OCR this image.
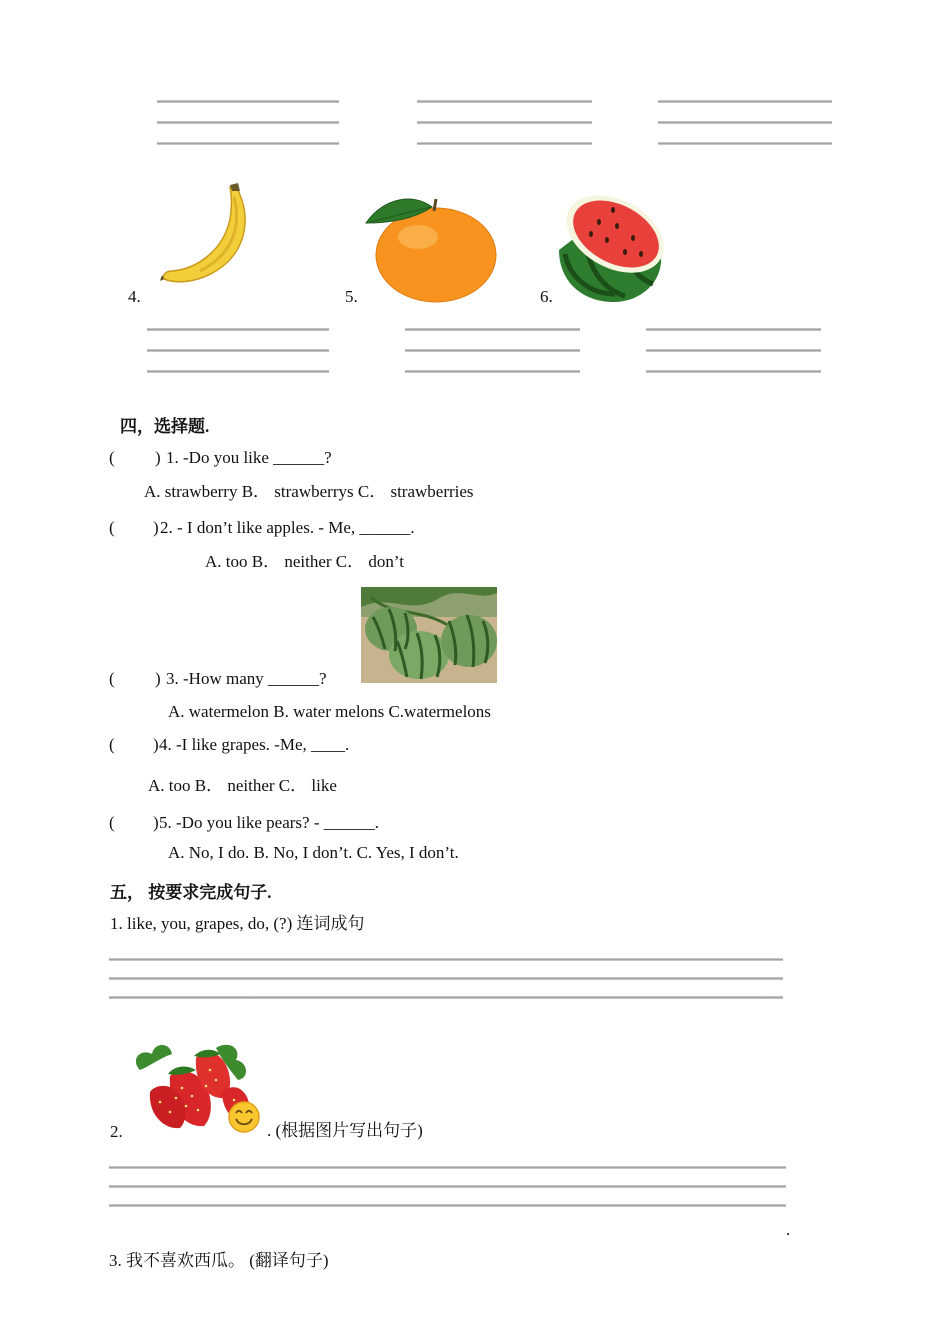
4.	5.	6.
四，选择题.
( ) 1. -Do you like ______?
A. strawberry B． strawberrys C． strawberries
( ) 2. - I don’t like apples. - Me, ______.
A. too B． neither C． don’t
( ) 3. -How many ______?
A. watermelon B. water melons C.watermelons
( ) 4. -I like grapes. -Me, ____.
A. too B． neither C． like
( ) 5. -Do you like pears? - ______.
A. No, I do. B. No, I don’t. C. Yes, I don’t.
五， 按要求完成句子.
1. like, you, grapes, do, (?) 连词成句
2.	. (根据图片写出句子)
.
3. 我不喜欢西瓜。 (翻译句子)
